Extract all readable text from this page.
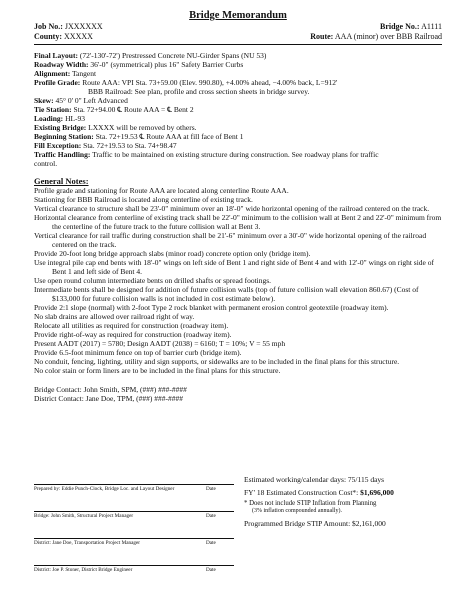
Bridge Memorandum
Job No.: JXXXXXX	Bridge No.: A1111
County: XXXXX	Route: AAA (minor) over BBB Railroad
Final Layout: (72'-130'-72') Prestressed Concrete NU-Girder Spans (NU 53)
Roadway Width: 36'-0" (symmetrical) plus 16" Safety Barrier Curbs
Alignment: Tangent
Profile Grade: Route AAA: VPI Sta. 73+59.00 (Elev. 990.80), +4.00% ahead, −4.00% back, L=912'
BBB Railroad: See plan, profile and cross section sheets in bridge survey.
Skew: 45° 0' 0" Left Advanced
Tie Station: Sta. 72+94.00 ℄ Route AAA = ℄ Bent 2
Loading: HL-93
Existing Bridge: LXXXX will be removed by others.
Beginning Station: Sta. 72+19.53 ℄ Route AAA at fill face of Bent 1
Fill Exception: Sta. 72+19.53 to Sta. 74+98.47
Traffic Handling: Traffic to be maintained on existing structure during construction. See roadway plans for traffic
control.
General Notes:
Profile grade and stationing for Route AAA are located along centerline Route AAA.
Stationing for BBB Railroad is located along centerline of existing track.
Vertical clearance to structure shall be 23'-0" minimum over an 18'-0" wide horizontal opening of the railroad centered on the track.
Horizontal clearance from centerline of existing track shall be 22'-0" minimum to the collision wall at Bent 2 and 22'-0" minimum from the centerline of the future track to the future collision wall at Bent 3.
Vertical clearance for rail traffic during construction shall be 21'-6" minimum over a 30'-0" wide horizontal opening of the railroad centered on the track.
Provide 20-foot long bridge approach slabs (minor road) concrete option only (bridge item).
Use integral pile cap end bents with 18'-0" wings on left side of Bent 1 and right side of Bent 4 and with 12'-0" wings on right side of Bent 1 and left side of Bent 4.
Use open round column intermediate bents on drilled shafts or spread footings.
Intermediate bents shall be designed for addition of future collision walls (top of future collision wall elevation 860.67) (Cost of $133,000 for future collision walls is not included in cost estimate below).
Provide 2:1 slope (normal) with 2-foot Type 2 rock blanket with permanent erosion control geotextile (roadway item).
No slab drains are allowed over railroad right of way.
Relocate all utilities as required for construction (roadway item).
Provide right-of-way as required for construction (roadway item).
Present AADT (2017) = 5780; Design AADT (2038) = 6160; T = 10%; V = 55 mph
Provide 6.5-foot minimum fence on top of barrier curb (bridge item).
No conduit, fencing, lighting, utility and sign supports, or sidewalks are to be included in the final plans for this structure.
No color stain or form liners are to be included in the final plans for this structure.
Bridge Contact: John Smith, SPM, (###) ###-####
District Contact: Jane Doe, TPM, (###) ###-####
Prepared by: Eddie Punch-Clock, Bridge Loc. and Layout Designer	Date
Bridge: John Smith, Structural Project Manager	Date
District: Jane Doe, Transportation Project Manager	Date
District: Joe P. Stoner, District Bridge Engineer	Date
Estimated working/calendar days: 75/115 days
FY' 18 Estimated Construction Cost*: $1,696,000
* Does not include STIP Inflation from Planning
(3% inflation compounded annually).
Programmed Bridge STIP Amount: $2,161,000
